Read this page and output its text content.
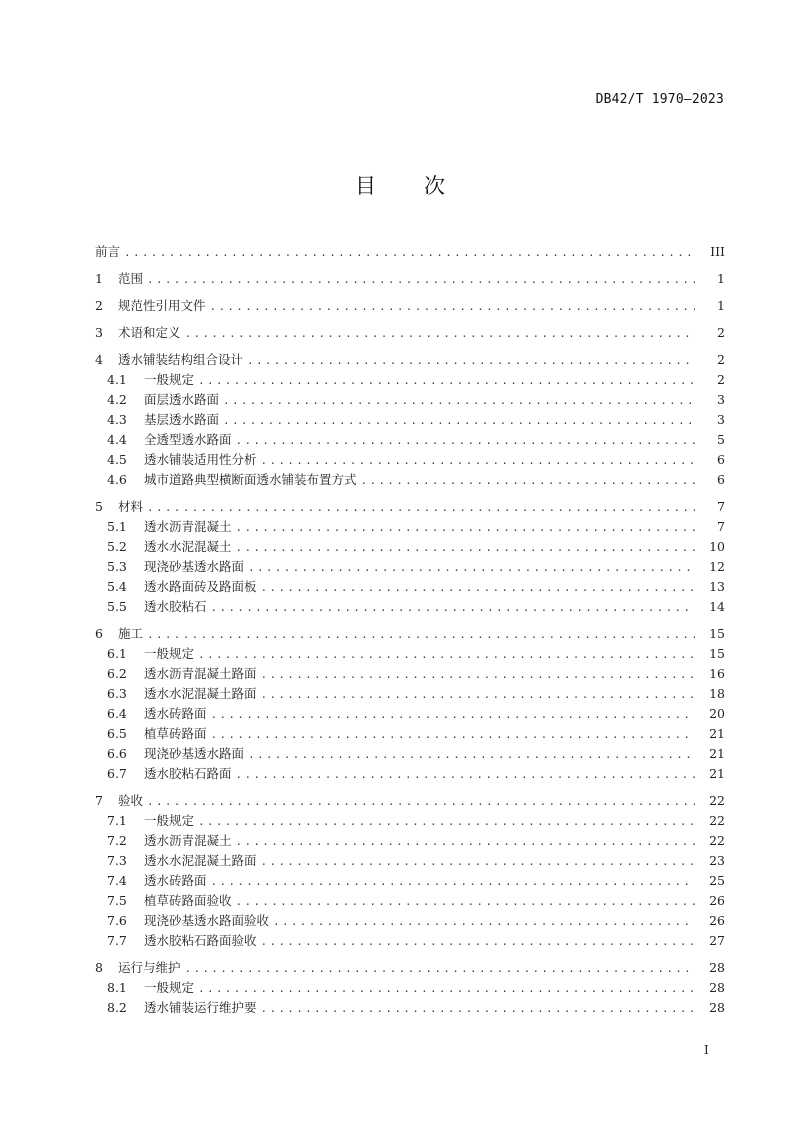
DB42/T 1970—2023
目 次
前言 .....	III
1	范围 .....	1
2	规范性引用文件 .....	1
3	术语和定义 .....	2
4	透水铺装结构组合设计 .....	2
4.1	一般规定 .....	2
4.2	面层透水路面 .....	3
4.3	基层透水路面 .....	3
4.4	全透型透水路面 .....	5
4.5	透水铺装适用性分析 .....	6
4.6	城市道路典型横断面透水铺装布置方式 .....	6
5	材料 .....	7
5.1	透水沥青混凝土 .....	7
5.2	透水水泥混凝土 .....	10
5.3	现浇砂基透水路面 .....	12
5.4	透水路面砖及路面板 .....	13
5.5	透水胶粘石 .....	14
6	施工 .....	15
6.1	一般规定 .....	15
6.2	透水沥青混凝土路面 .....	16
6.3	透水水泥混凝土路面 .....	18
6.4	透水砖路面 .....	20
6.5	植草砖路面 .....	21
6.6	现浇砂基透水路面 .....	21
6.7	透水胶粘石路面 .....	21
7	验收 .....	22
7.1	一般规定 .....	22
7.2	透水沥青混凝土 .....	22
7.3	透水水泥混凝土路面 .....	23
7.4	透水砖路面 .....	25
7.5	植草砖路面验收 .....	26
7.6	现浇砂基透水路面验收 .....	26
7.7	透水胶粘石路面验收 .....	27
8	运行与维护 .....	28
8.1	一般规定 .....	28
8.2	透水铺装运行维护要 .....	28
I
